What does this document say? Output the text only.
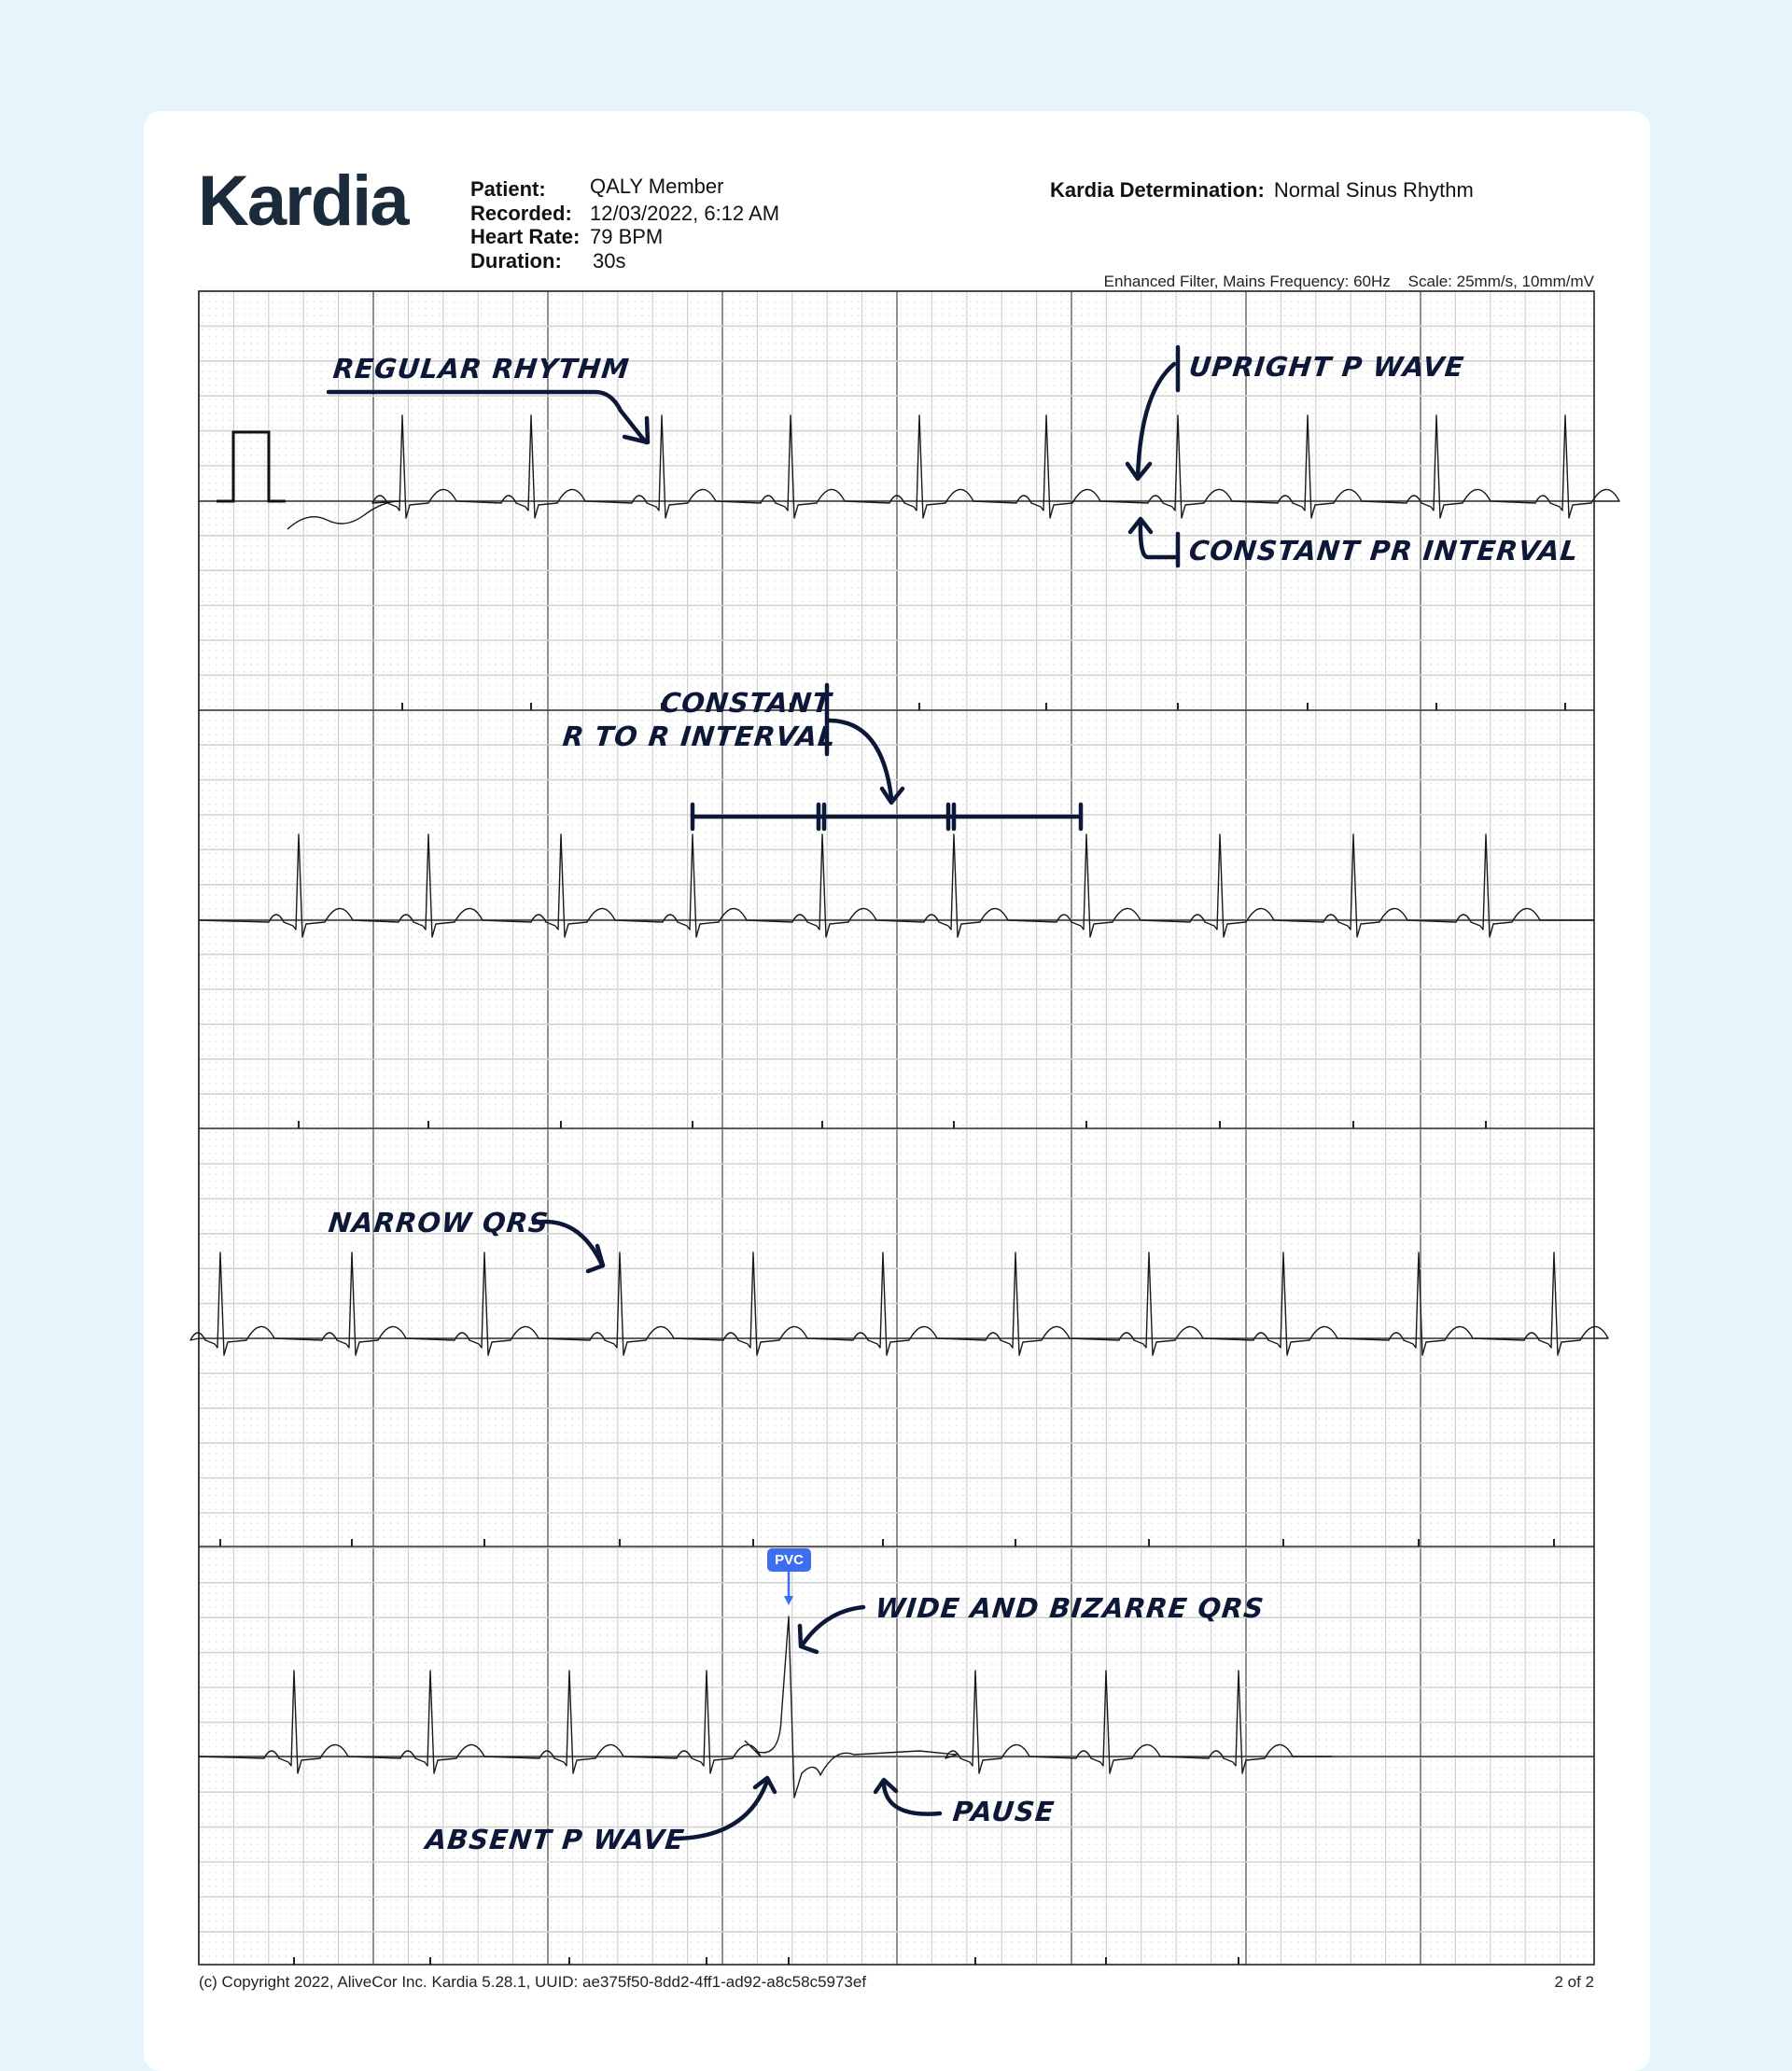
Kardia	Patient:	QALY Member
Recorded: 12/03/2022, 6:12 AM
Heart Rate: 79 BPM
Duration:	30s
Kardia Determination: Normal Sinus Rhythm
Enhanced Filter, Mains Frequency: 60Hz    Scale: 25mm/s, 10mm/mV
PVC
REGULAR RHYTHM	UPRIGHT P WAVE
CONSTANT PR INTERVAL
CONSTANT
R TO R INTERVAL
NARROW QRS
WIDE AND BIZARRE QRS
ABSENT P WAVE
PAUSE
(c) Copyright 2022, AliveCor Inc. Kardia 5.28.1, UUID: ae375f50-8dd2-4ff1-ad92-a8c58c5973ef	2 of 2
